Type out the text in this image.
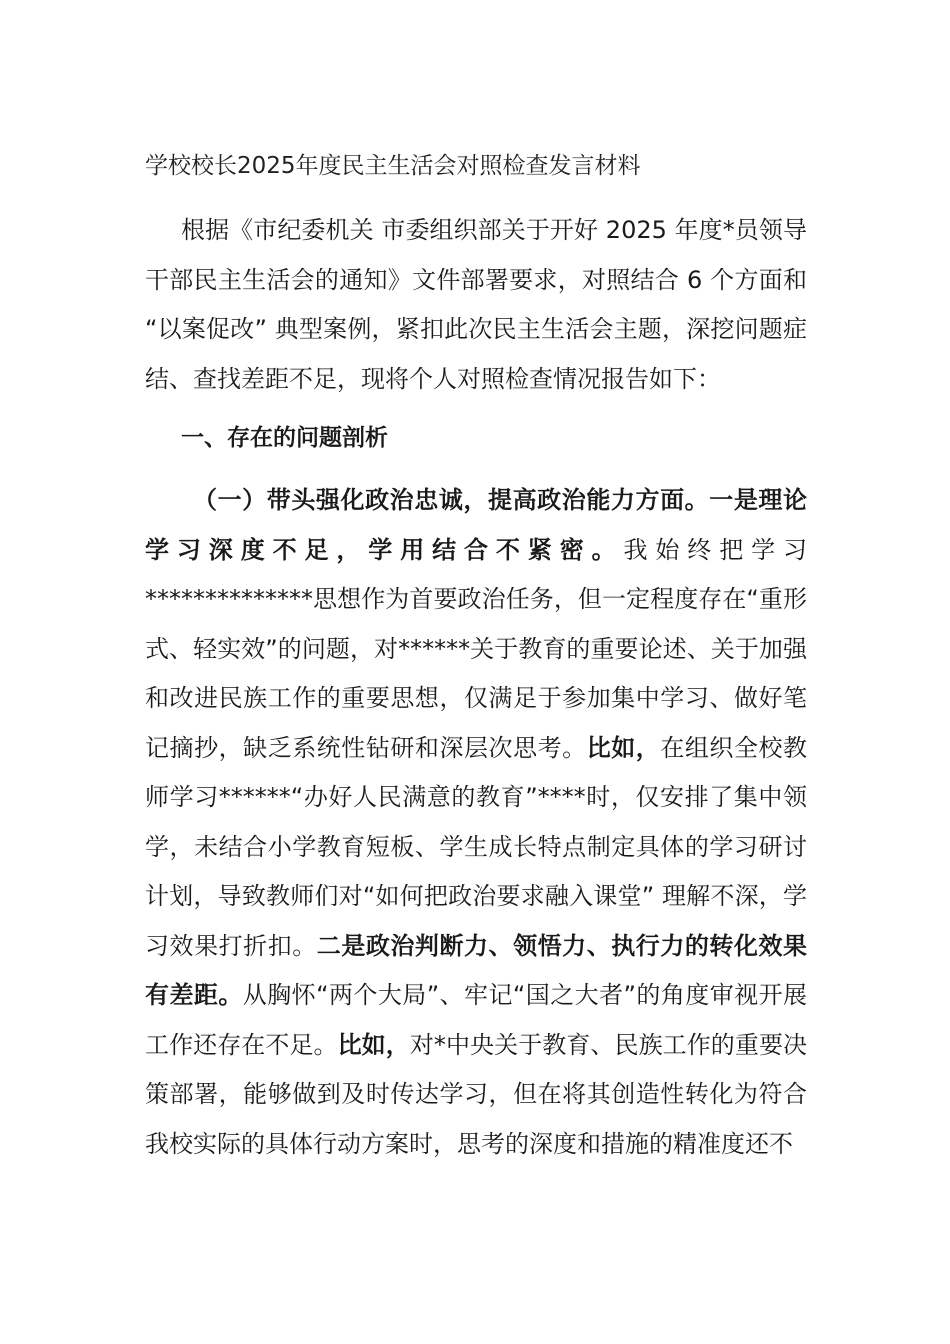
学校校长2025年度民主生活会对照检查发言材料

根据《市纪委机关 市委组织部关于开好 2025 年度*员领导干部民主生活会的通知》文件部署要求，对照结合 6 个方面和 “以案促改” 典型案例，紧扣此次民主生活会主题，深挖问题症结、查找差距不足，现将个人对照检查情况报告如下：

一、存在的问题剖析

（一）带头强化政治忠诚，提高政治能力方面。一是理论学习深度不足，学用结合不紧密。我始终把学习**************思想作为首要政治任务，但一定程度存在“重形式、轻实效”的问题，对******关于教育的重要论述、关于加强和改进民族工作的重要思想，仅满足于参加集中学习、做好笔记摘抄，缺乏系统性钻研和深层次思考。比如，在组织全校教师学习******“办好人民满意的教育”****时，仅安排了集中领学，未结合小学教育短板、学生成长特点制定具体的学习研讨计划，导致教师们对“如何把政治要求融入课堂” 理解不深，学习效果打折扣。二是政治判断力、领悟力、执行力的转化效果有差距。从胸怀“两个大局”、牢记“国之大者”的角度审视开展工作还存在不足。比如，对*中央关于教育、民族工作的重要决策部署，能够做到及时传达学习，但在将其创造性转化为符合我校实际的具体行动方案时，思考的深度和措施的精准度还不
